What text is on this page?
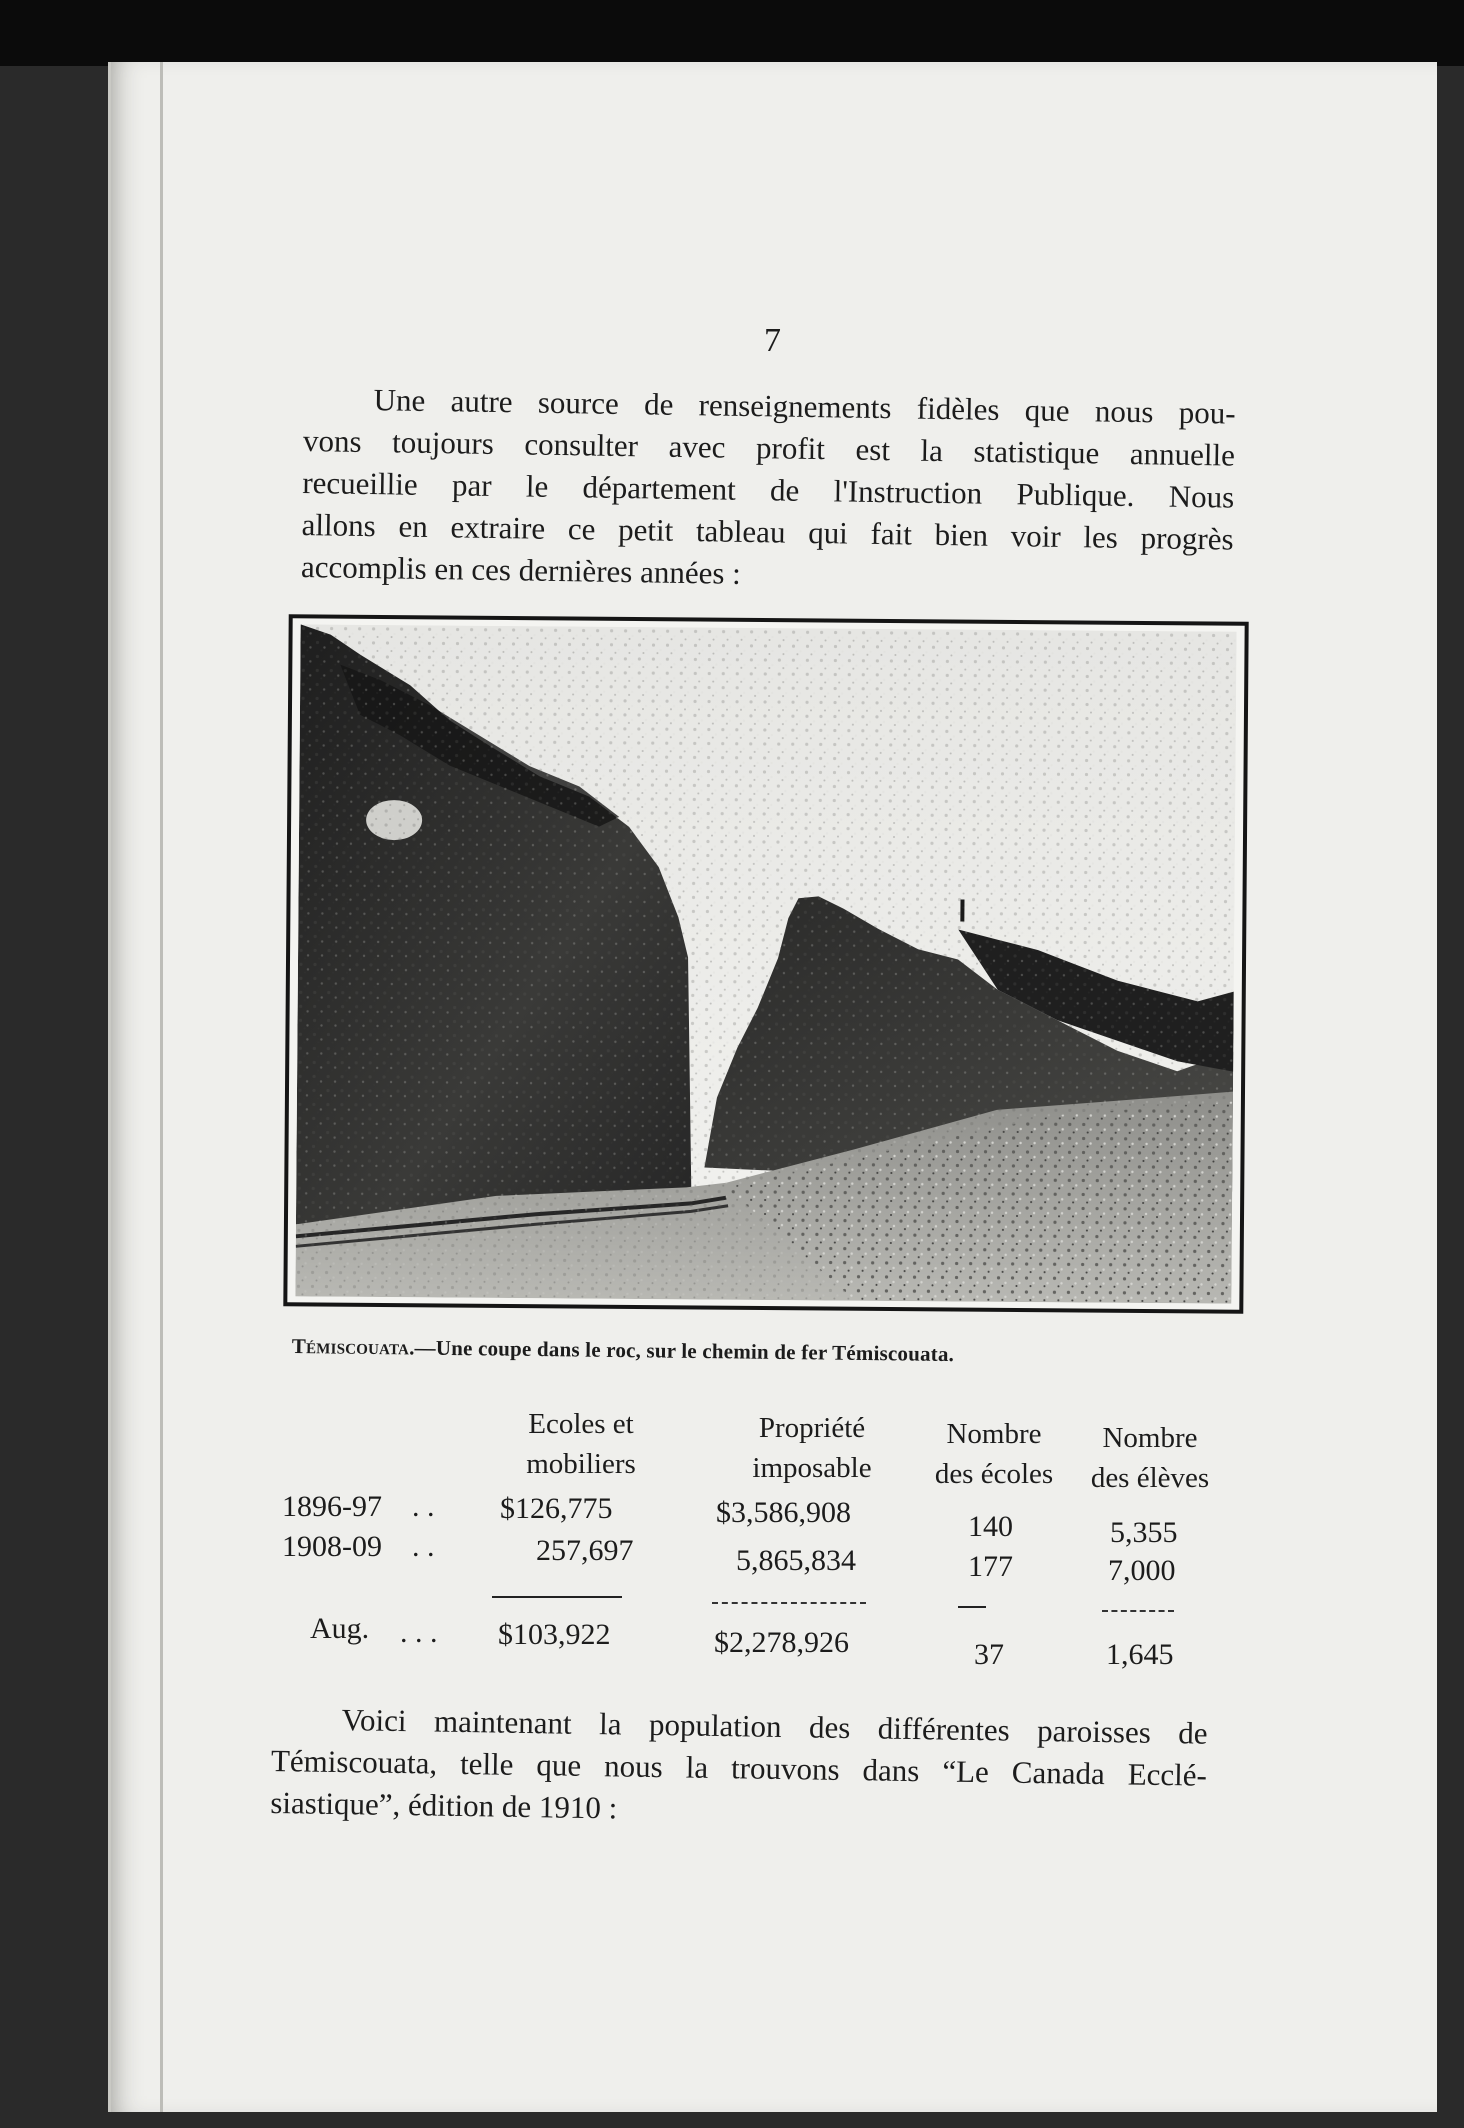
7
Une autre source de renseignements fidèles que nous pou-
vons toujours consulter avec profit est la statistique annuelle
recueillie par le département de l'Instruction Publique. Nous
allons en extraire ce petit tableau qui fait bien voir les progrès
accomplis en ces dernières années :
Témiscouata.—Une coupe dans le roc, sur le chemin de fer Témiscouata.
Ecoles et
mobiliers
Propriété
imposable
Nombre
des écoles
Nombre
des élèves
1896-97 . . $126,775	$3,586,908	140	5,355
1908-09 . .	257,697	5,865,834	177	7,000
Aug. . . . $103,922	$2,278,926	37	1,645
Voici maintenant la population des différentes paroisses de
Témiscouata, telle que nous la trouvons dans “Le Canada Ecclé-
siastique”, édition de 1910 :
